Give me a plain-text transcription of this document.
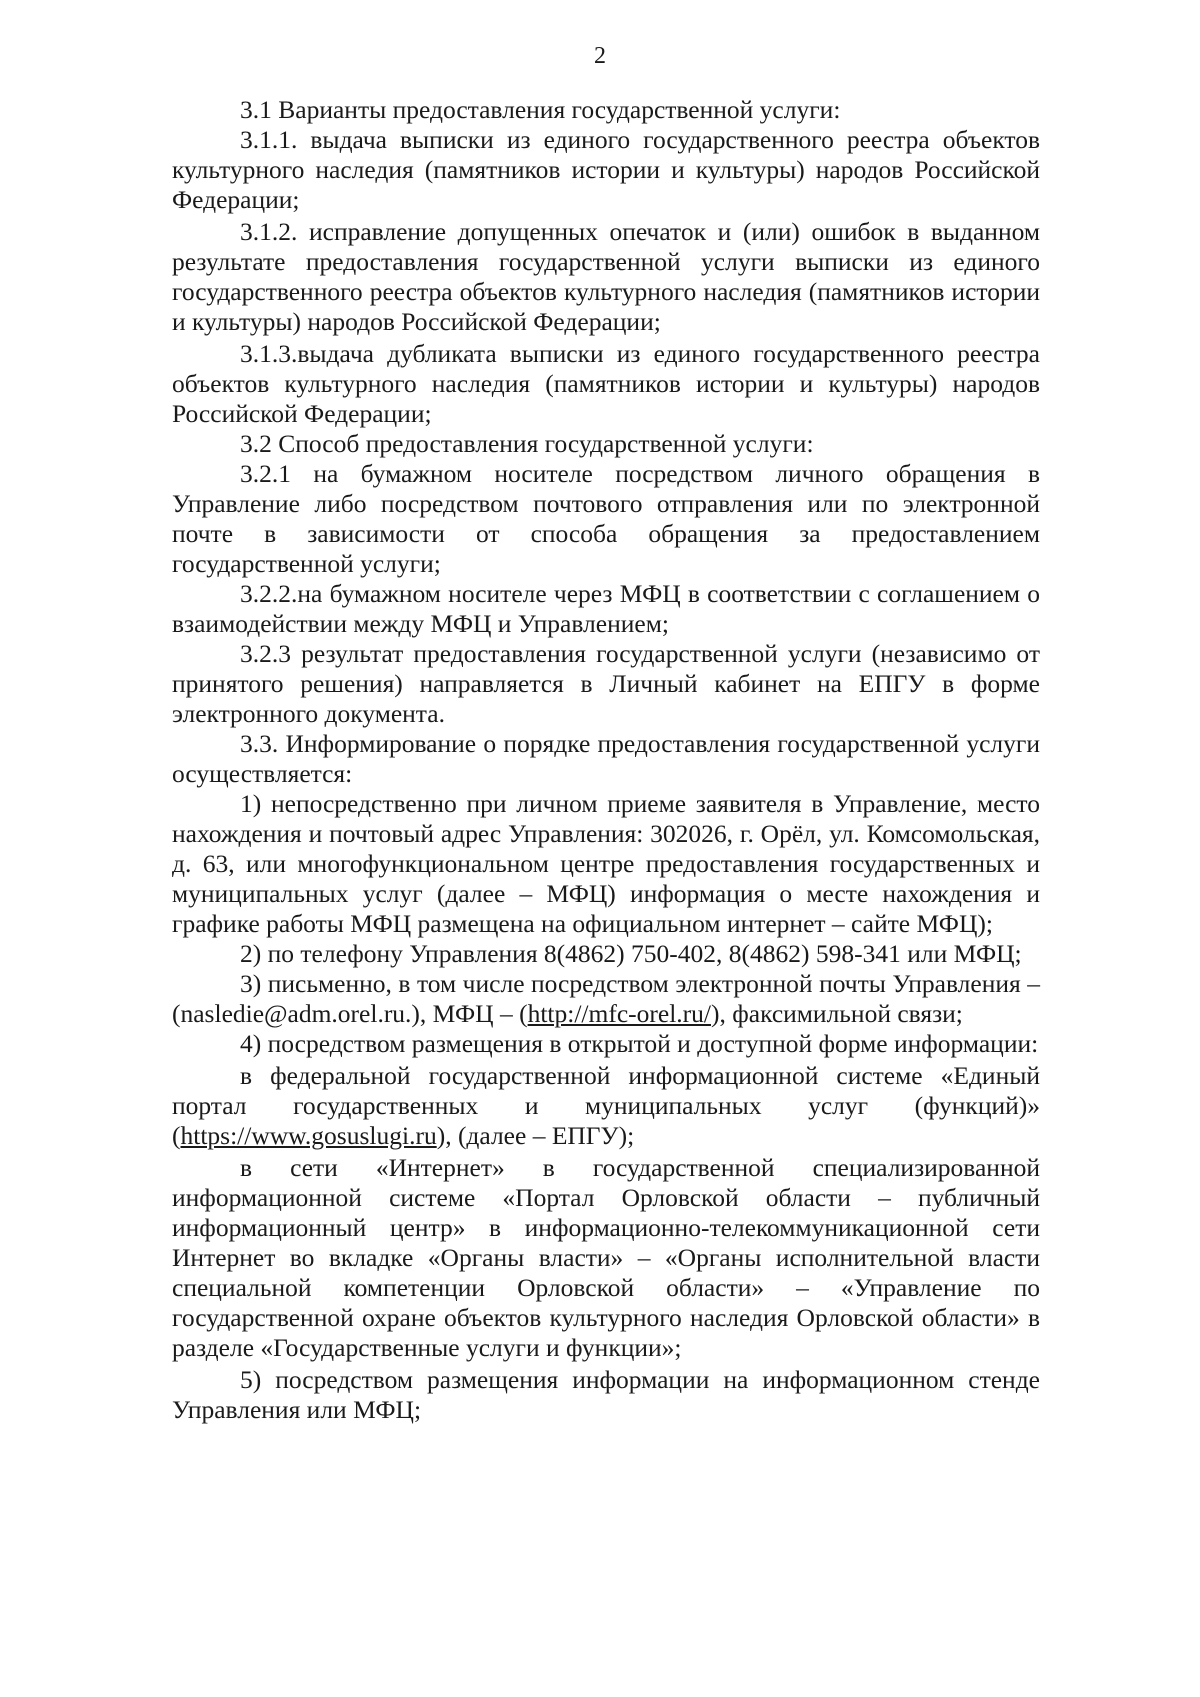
2

3.1 Варианты предоставления государственной услуги:

3.1.1. выдача выписки из единого государственного реестра объектов культурного наследия (памятников истории и культуры) народов Российской Федерации;

3.1.2. исправление допущенных опечаток и (или) ошибок в выданном результате предоставления государственной услуги выписки из единого государственного реестра объектов культурного наследия (памятников истории и культуры) народов Российской Федерации;

3.1.3.выдача дубликата выписки из единого государственного реестра объектов культурного наследия (памятников истории и культуры) народов Российской Федерации;

3.2 Способ предоставления государственной услуги:

3.2.1 на бумажном носителе посредством личного обращения в Управление либо посредством почтового отправления или по электронной почте в зависимости от способа обращения за предоставлением государственной услуги;

3.2.2.на бумажном носителе через МФЦ в соответствии с соглашением о взаимодействии между МФЦ и Управлением;

3.2.3 результат предоставления государственной услуги (независимо от принятого решения) направляется в Личный кабинет на ЕПГУ в форме электронного документа.

3.3. Информирование о порядке предоставления государственной услуги осуществляется:

1) непосредственно при личном приеме заявителя в Управление, место нахождения и почтовый адрес Управления: 302026, г. Орёл, ул. Комсомольская, д. 63, или многофункциональном центре предоставления государственных и муниципальных услуг (далее – МФЦ) информация о месте нахождения и графике работы МФЦ размещена на официальном интернет – сайте МФЦ);

2) по телефону Управления 8(4862) 750-402, 8(4862) 598-341 или МФЦ;

3) письменно, в том числе посредством электронной почты Управления – (nasledie@adm.orel.ru.), МФЦ – (http://mfc-orel.ru/), факсимильной связи;

4) посредством размещения в открытой и доступной форме информации:

в федеральной государственной информационной системе «Единый портал государственных и муниципальных услуг (функций)» (https://www.gosuslugi.ru), (далее – ЕПГУ);

в сети «Интернет» в государственной специализированной информационной системе «Портал Орловской области – публичный информационный центр» в информационно-телекоммуникационной сети Интернет во вкладке «Органы власти» – «Органы исполнительной власти специальной компетенции Орловской области» – «Управление по государственной охране объектов культурного наследия Орловской области» в разделе «Государственные услуги и функции»;

5) посредством размещения информации на информационном стенде Управления или МФЦ;
